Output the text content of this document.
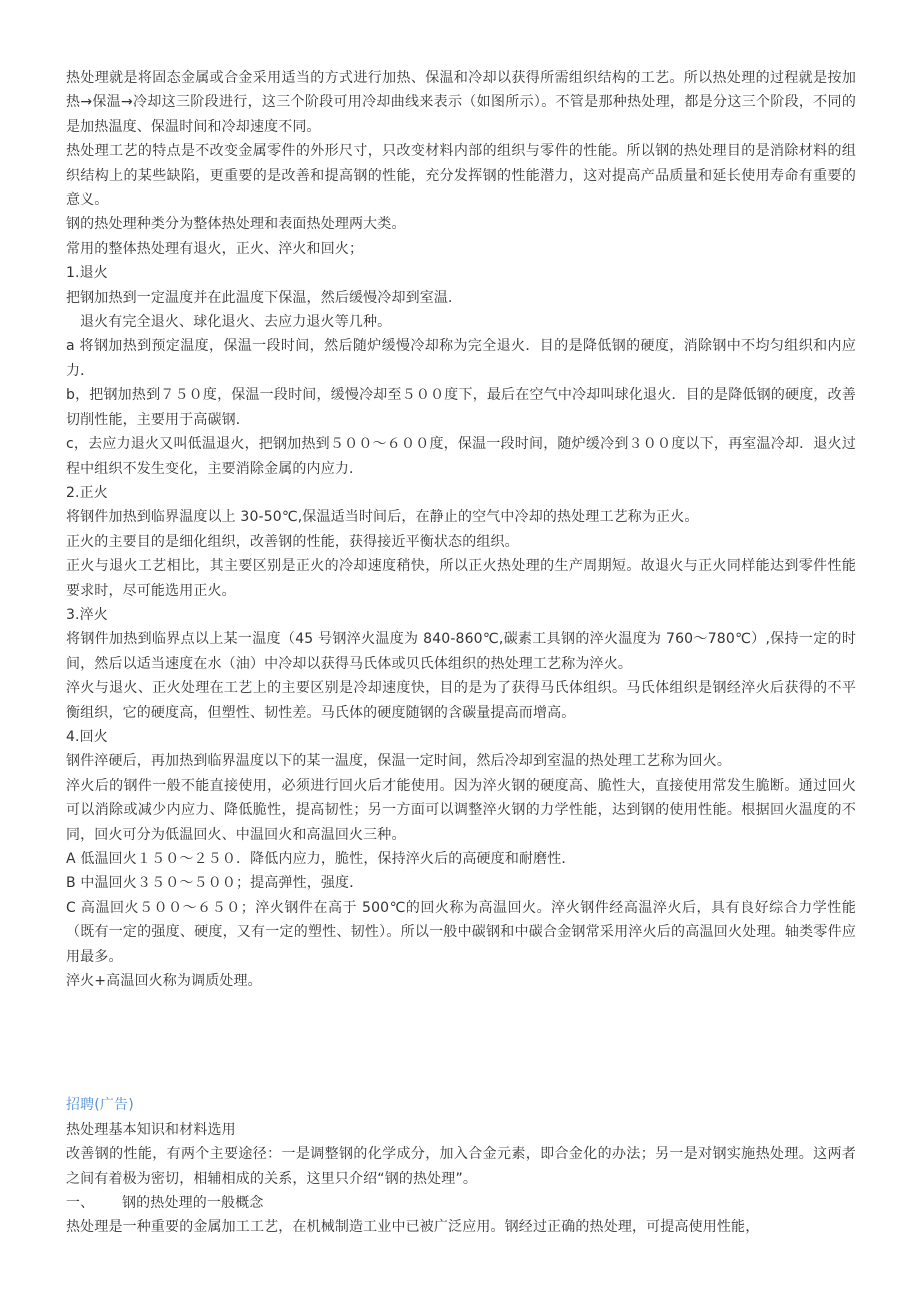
热处理就是将固态金属或合金采用适当的方式进行加热、保温和冷却以获得所需组织结构的工艺。所以热处理的过程就是按加热→保温→冷却这三阶段进行，这三个阶段可用冷却曲线来表示（如图所示）。不管是那种热处理，都是分这三个阶段，不同的是加热温度、保温时间和冷却速度不同。

热处理工艺的特点是不改变金属零件的外形尺寸，只改变材料内部的组织与零件的性能。所以钢的热处理目的是消除材料的组织结构上的某些缺陷，更重要的是改善和提高钢的性能，充分发挥钢的性能潜力，这对提高产品质量和延长使用寿命有重要的意义。

钢的热处理种类分为整体热处理和表面热处理两大类。

常用的整体热处理有退火，正火、淬火和回火；

1.退火

把钢加热到一定温度并在此温度下保温，然后缓慢冷却到室温．

退火有完全退火、球化退火、去应力退火等几种。

a 将钢加热到预定温度，保温一段时间，然后随炉缓慢冷却称为完全退火．目的是降低钢的硬度，消除钢中不均匀组织和内应力．

b，把钢加热到７５０度，保温一段时间，缓慢冷却至５００度下，最后在空气中冷却叫球化退火．目的是降低钢的硬度，改善切削性能，主要用于高碳钢．

c，去应力退火又叫低温退火，把钢加热到５００～６００度，保温一段时间，随炉缓冷到３００度以下，再室温冷却．退火过程中组织不发生变化，主要消除金属的内应力．

2.正火

将钢件加热到临界温度以上 30-50℃,保温适当时间后，在静止的空气中冷却的热处理工艺称为正火。

正火的主要目的是细化组织，改善钢的性能，获得接近平衡状态的组织。

正火与退火工艺相比，其主要区别是正火的冷却速度稍快，所以正火热处理的生产周期短。故退火与正火同样能达到零件性能要求时，尽可能选用正火。

3.淬火

将钢件加热到临界点以上某一温度（45 号钢淬火温度为 840-860℃,碳素工具钢的淬火温度为 760～780℃）,保持一定的时间，然后以适当速度在水（油）中冷却以获得马氏体或贝氏体组织的热处理工艺称为淬火。

淬火与退火、正火处理在工艺上的主要区别是冷却速度快，目的是为了获得马氏体组织。马氏体组织是钢经淬火后获得的不平衡组织，它的硬度高，但塑性、韧性差。马氏体的硬度随钢的含碳量提高而增高。

4.回火

钢件淬硬后，再加热到临界温度以下的某一温度，保温一定时间，然后冷却到室温的热处理工艺称为回火。

淬火后的钢件一般不能直接使用，必须进行回火后才能使用。因为淬火钢的硬度高、脆性大，直接使用常发生脆断。通过回火可以消除或减少内应力、降低脆性，提高韧性；另一方面可以调整淬火钢的力学性能，达到钢的使用性能。根据回火温度的不同，回火可分为低温回火、中温回火和高温回火三种。

A 低温回火１５０～２５０．降低内应力，脆性，保持淬火后的高硬度和耐磨性．

B 中温回火３５０～５００；提高弹性，强度．

C 高温回火５００～６５０；淬火钢件在高于 500℃的回火称为高温回火。淬火钢件经高温淬火后，具有良好综合力学性能（既有一定的强度、硬度，又有一定的塑性、韧性）。所以一般中碳钢和中碳合金钢常采用淬火后的高温回火处理。轴类零件应用最多。

淬火+高温回火称为调质处理。

招聘(广告)

热处理基本知识和材料选用

改善钢的性能，有两个主要途径：一是调整钢的化学成分，加入合金元素，即合金化的办法；另一是对钢实施热处理。这两者之间有着极为密切，相辅相成的关系，这里只介绍“钢的热处理”。

一、 钢的热处理的一般概念

热处理是一种重要的金属加工工艺，在机械制造工业中已被广泛应用。钢经过正确的热处理，可提高使用性能，
